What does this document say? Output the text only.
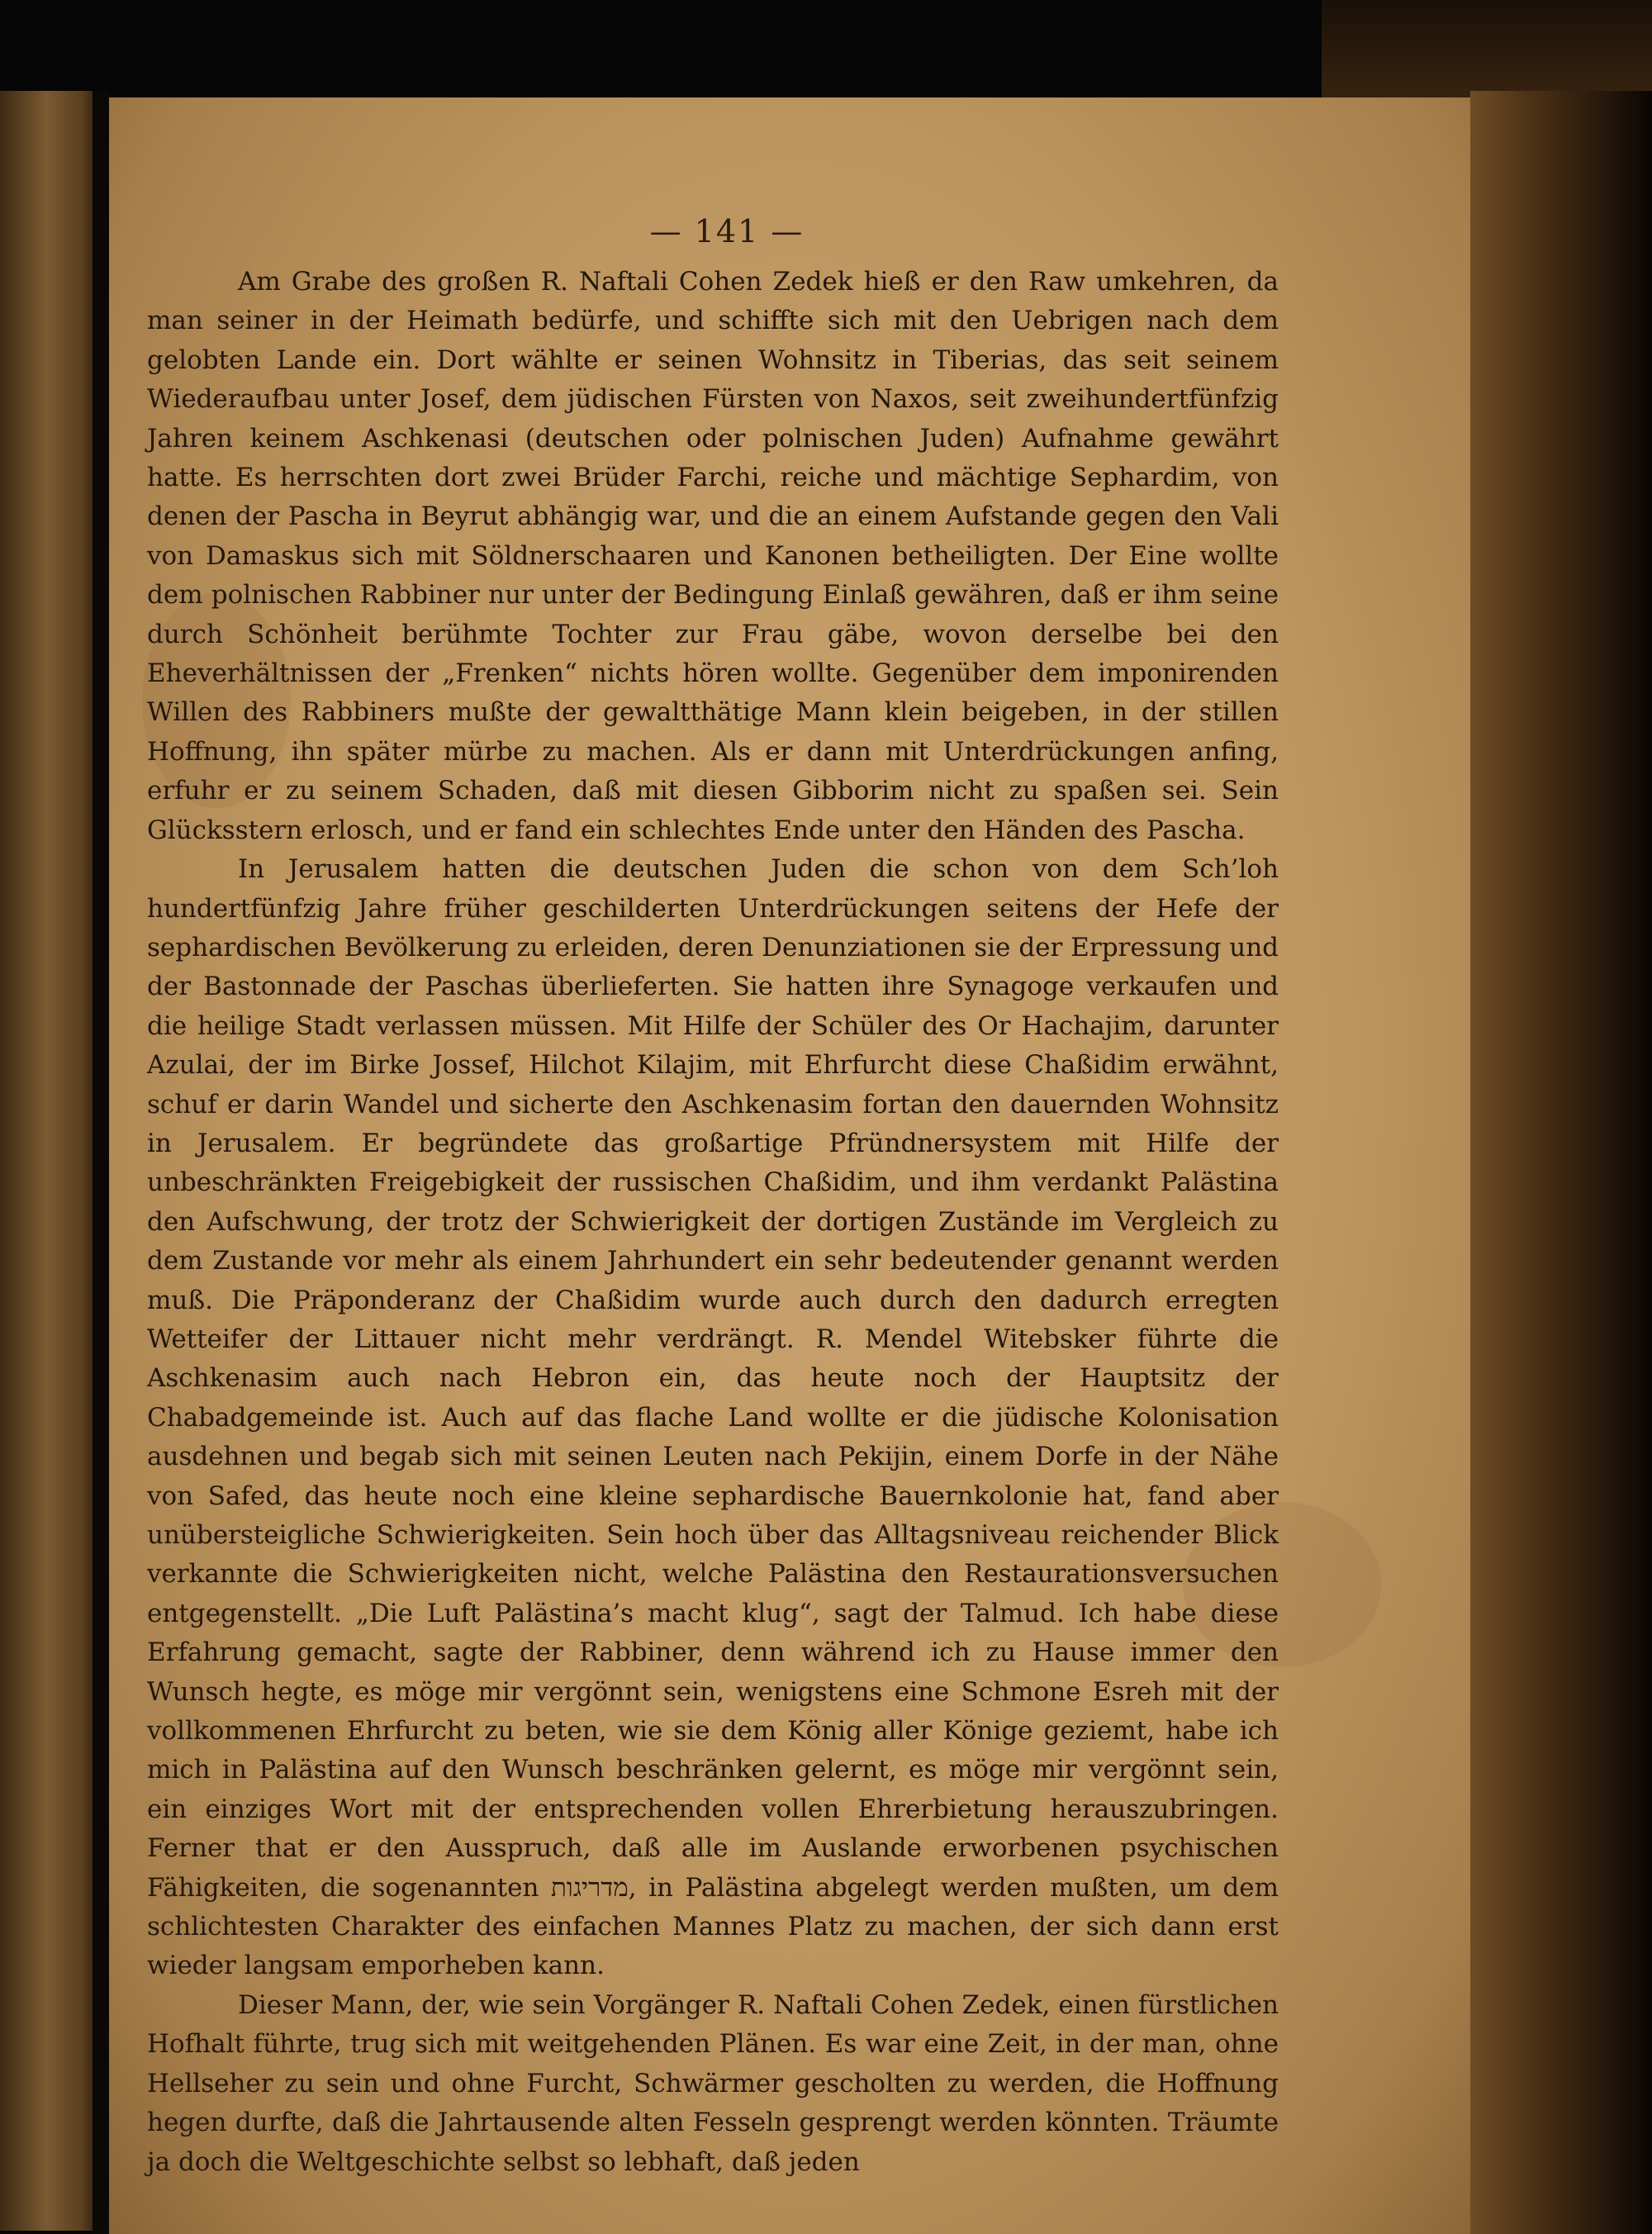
— 141 —

Am Grabe des großen R. Naftali Cohen Zedek hieß er den Raw umkehren, da man seiner in der Heimath bedürfe, und schiffte sich mit den Uebrigen nach dem gelobten Lande ein. Dort wählte er seinen Wohnsitz in Tiberias, das seit seinem Wiederaufbau unter Josef, dem jüdischen Fürsten von Naxos, seit zweihundertfünfzig Jahren keinem Aschkenasi (deutschen oder polnischen Juden) Aufnahme gewährt hatte. Es herrschten dort zwei Brüder Farchi, reiche und mächtige Sephardim, von denen der Pascha in Beyrut abhängig war, und die an einem Aufstande gegen den Vali von Damaskus sich mit Söldnerschaaren und Kanonen betheiligten. Der Eine wollte dem polnischen Rabbiner nur unter der Bedingung Einlaß gewähren, daß er ihm seine durch Schönheit berühmte Tochter zur Frau gäbe, wovon derselbe bei den Eheverhältnissen der „Frenken“ nichts hören wollte. Gegenüber dem imponirenden Willen des Rabbiners mußte der gewaltthätige Mann klein beigeben, in der stillen Hoffnung, ihn später mürbe zu machen. Als er dann mit Unterdrückungen anfing, erfuhr er zu seinem Schaden, daß mit diesen Gibborim nicht zu spaßen sei. Sein Glücksstern erlosch, und er fand ein schlechtes Ende unter den Händen des Pascha.

In Jerusalem hatten die deutschen Juden die schon von dem Sch’loh hundertfünfzig Jahre früher geschilderten Unterdrückungen seitens der Hefe der sephardischen Bevölkerung zu erleiden, deren Denunziationen sie der Erpressung und der Bastonnade der Paschas überlieferten. Sie hatten ihre Synagoge verkaufen und die heilige Stadt verlassen müssen. Mit Hilfe der Schüler des Or Hachajim, darunter Azulai, der im Birke Jossef, Hilchot Kilajim, mit Ehrfurcht diese Chaßidim erwähnt, schuf er darin Wandel und sicherte den Aschkenasim fortan den dauernden Wohnsitz in Jerusalem. Er begründete das großartige Pfründnersystem mit Hilfe der unbeschränkten Freigebigkeit der russischen Chaßidim, und ihm verdankt Palästina den Aufschwung, der trotz der Schwierigkeit der dortigen Zustände im Vergleich zu dem Zustande vor mehr als einem Jahrhundert ein sehr bedeutender genannt werden muß. Die Präponderanz der Chaßidim wurde auch durch den dadurch erregten Wetteifer der Littauer nicht mehr verdrängt. R. Mendel Witebsker führte die Aschkenasim auch nach Hebron ein, das heute noch der Hauptsitz der Chabadgemeinde ist. Auch auf das flache Land wollte er die jüdische Kolonisation ausdehnen und begab sich mit seinen Leuten nach Pekijin, einem Dorfe in der Nähe von Safed, das heute noch eine kleine sephardische Bauernkolonie hat, fand aber unübersteigliche Schwierigkeiten. Sein hoch über das Alltagsniveau reichender Blick verkannte die Schwierigkeiten nicht, welche Palästina den Restaurationsversuchen entgegenstellt. „Die Luft Palästina’s macht klug“, sagt der Talmud. Ich habe diese Erfahrung gemacht, sagte der Rabbiner, denn während ich zu Hause immer den Wunsch hegte, es möge mir vergönnt sein, wenigstens eine Schmone Esreh mit der vollkommenen Ehrfurcht zu beten, wie sie dem König aller Könige geziemt, habe ich mich in Palästina auf den Wunsch beschränken gelernt, es möge mir vergönnt sein, ein einziges Wort mit der entsprechenden vollen Ehrerbietung herauszubringen. Ferner that er den Ausspruch, daß alle im Auslande erworbenen psychischen Fähigkeiten, die sogenannten מדריגות, in Palästina abgelegt werden mußten, um dem schlichtesten Charakter des einfachen Mannes Platz zu machen, der sich dann erst wieder langsam emporheben kann.

Dieser Mann, der, wie sein Vorgänger R. Naftali Cohen Zedek, einen fürstlichen Hofhalt führte, trug sich mit weitgehenden Plänen. Es war eine Zeit, in der man, ohne Hellseher zu sein und ohne Furcht, Schwärmer gescholten zu werden, die Hoffnung hegen durfte, daß die Jahrtausende alten Fesseln gesprengt werden könnten. Träumte ja doch die Weltgeschichte selbst so lebhaft, daß jeden
